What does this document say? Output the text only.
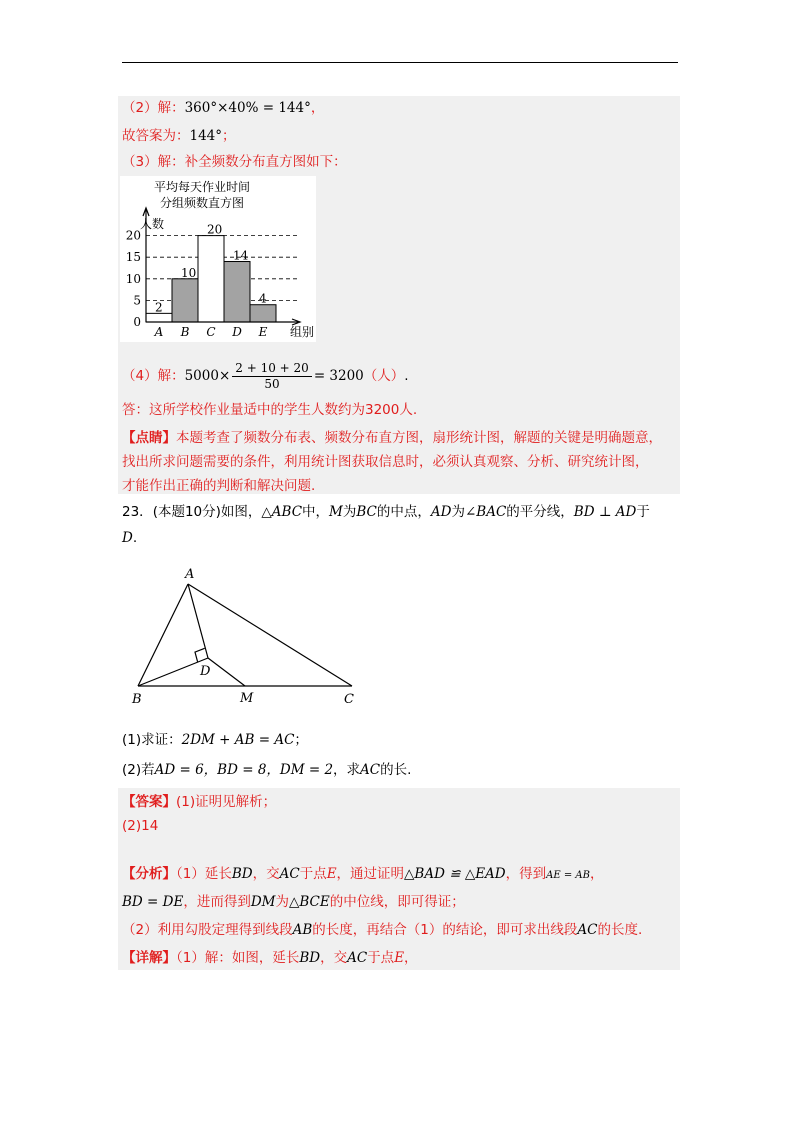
（2）解：360°×40% = 144°，
故答案为：144°；
（3）解：补全频数分布直方图如下：
平均每天作业时间
分组频数直方图
0
5
10
15
20
A B C D E
2
10
20
14
4
人数
组别
（4）解：$5000\times \frac{2 + 10 + 20}{50} = 3200$（人）.
答：这所学校作业量适中的学生人数约为3200人.
【点睛】本题考查了频数分布表、频数分布直方图，扇形统计图，解题的关键是明确题意，
找出所求问题需要的条件，利用统计图获取信息时，必须认真观察、分析、研究统计图，
才能作出正确的判断和解决问题.
23．(本题10分)如图，△ABC中，M为BC的中点，AD为∠BAC的平分线，BD ⊥ AD于
D.
A
B	C
D
M
(1)求证：2DM + AB = AC；
(2)若AD = 6，BD = 8，DM = 2，求AC的长.
【答案】(1)证明见解析；
(2)14
【分析】（1）延长BD，交AC于点E，通过证明△BAD ≌ △EAD，得到AE = AB，
BD = DE，进而得到DM为△BCE的中位线，即可得证；
（2）利用勾股定理得到线段AB的长度，再结合（1）的结论，即可求出线段AC的长度.
【详解】（1）解：如图，延长BD，交AC于点E，
